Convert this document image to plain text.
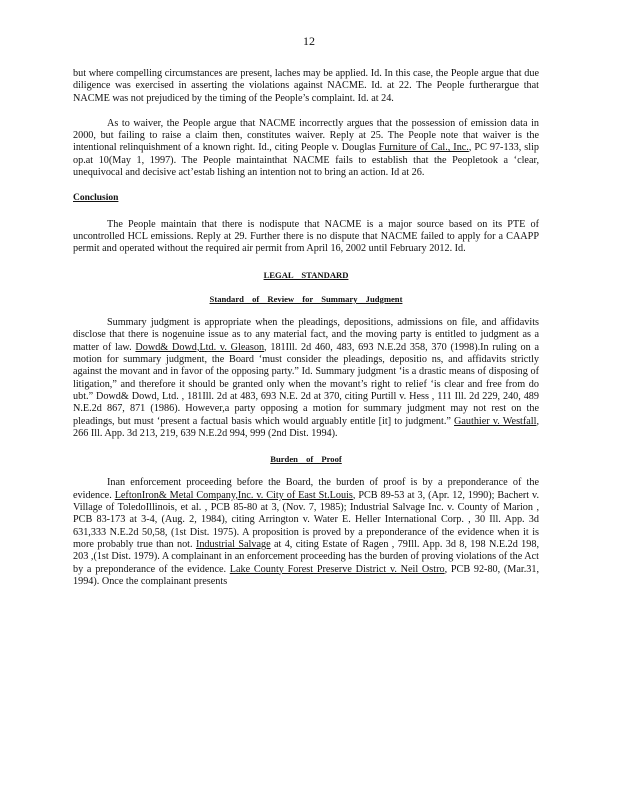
12

but where compelling circumstances are present, laches may be applied. Id. In this case, the People argue that due diligence was exercised in asserting the violations against NACME. Id. at 22. The People furtherargue that NACME was not prejudiced by the timing of the People’s complaint. Id. at 24.

As to waiver, the People argue that NACME incorrectly argues that the possession of emission data in 2000, but failing to raise a claim then, constitutes waiver. Reply at 25. The People note that waiver is the intentional relinquishment of a known right. Id., citing People v. Douglas Furniture of Cal., Inc., PC 97-133, slip op.at 10(May 1, 1997). The People maintainthat NACME fails to establish that the Peopletook a ‘clear, unequivocal and decisive act’estab lishing an intention not to bring an action. Id at 26.

Conclusion

The People maintain that there is nodispute that NACME is a major source based on its PTE of uncontrolled HCL emissions. Reply at 29. Further there is no dispute that NACME failed to apply for a CAAPP permit and operated without the required air permit from April 16, 2002 until February 2012. Id.

LEGAL STANDARD
Standard of Review for Summary Judgment

Summary judgment is appropriate when the pleadings, depositions, admissions on file, and affidavits disclose that there is nogenuine issue as to any material fact, and the moving party is entitled to judgment as a matter of law. Dowd& Dowd,Ltd. v. Gleason, 181Ill. 2d 460, 483, 693 N.E.2d 358, 370 (1998).In ruling on a motion for summary judgment, the Board ‘must consider the pleadings, depositio ns, and affidavits strictly against the movant and in favor of the opposing party.” Id. Summary judgment ‘is a drastic means of disposing of litigation,” and therefore it should be granted only when the movant’s right to relief ‘is clear and free from do ubt.” Dowd& Dowd, Ltd. , 181Ill. 2d at 483, 693 N.E. 2d at 370, citing Purtill v. Hess , 111 Ill. 2d 229, 240, 489 N.E.2d 867, 871 (1986). However,a party opposing a motion for summary judgment may not rest on the pleadings, but must ‘present a factual basis which would arguably entitle [it] to judgment.” Gauthier v. Westfall, 266 Ill. App. 3d 213, 219, 639 N.E.2d 994, 999 (2nd Dist. 1994).

Burden of Proof

Inan enforcement proceeding before the Board, the burden of proof is by a preponderance of the evidence. LeftonIron& Metal Company,Inc. v. City of East St.Louis, PCB 89-53 at 3, (Apr. 12, 1990); Bachert v. Village of ToledoIllinois, et al. , PCB 85-80 at 3, (Nov. 7, 1985); Industrial Salvage Inc. v. County of Marion , PCB 83-173 at 3-4, (Aug. 2, 1984), citing Arrington v. Water E. Heller International Corp. , 30 Ill. App. 3d 631,333 N.E.2d 50,58, (1st Dist. 1975). A proposition is proved by a preponderance of the evidence when it is more probably true than not. Industrial Salvage at 4, citing Estate of Ragen , 79Ill. App. 3d 8, 198 N.E.2d 198, 203 ,(1st Dist. 1979). A complainant in an enforcement proceeding has the burden of proving violations of the Act by a preponderance of the evidence. Lake County Forest Preserve District v. Neil Ostro, PCB 92-80, (Mar.31, 1994). Once the complainant presents
